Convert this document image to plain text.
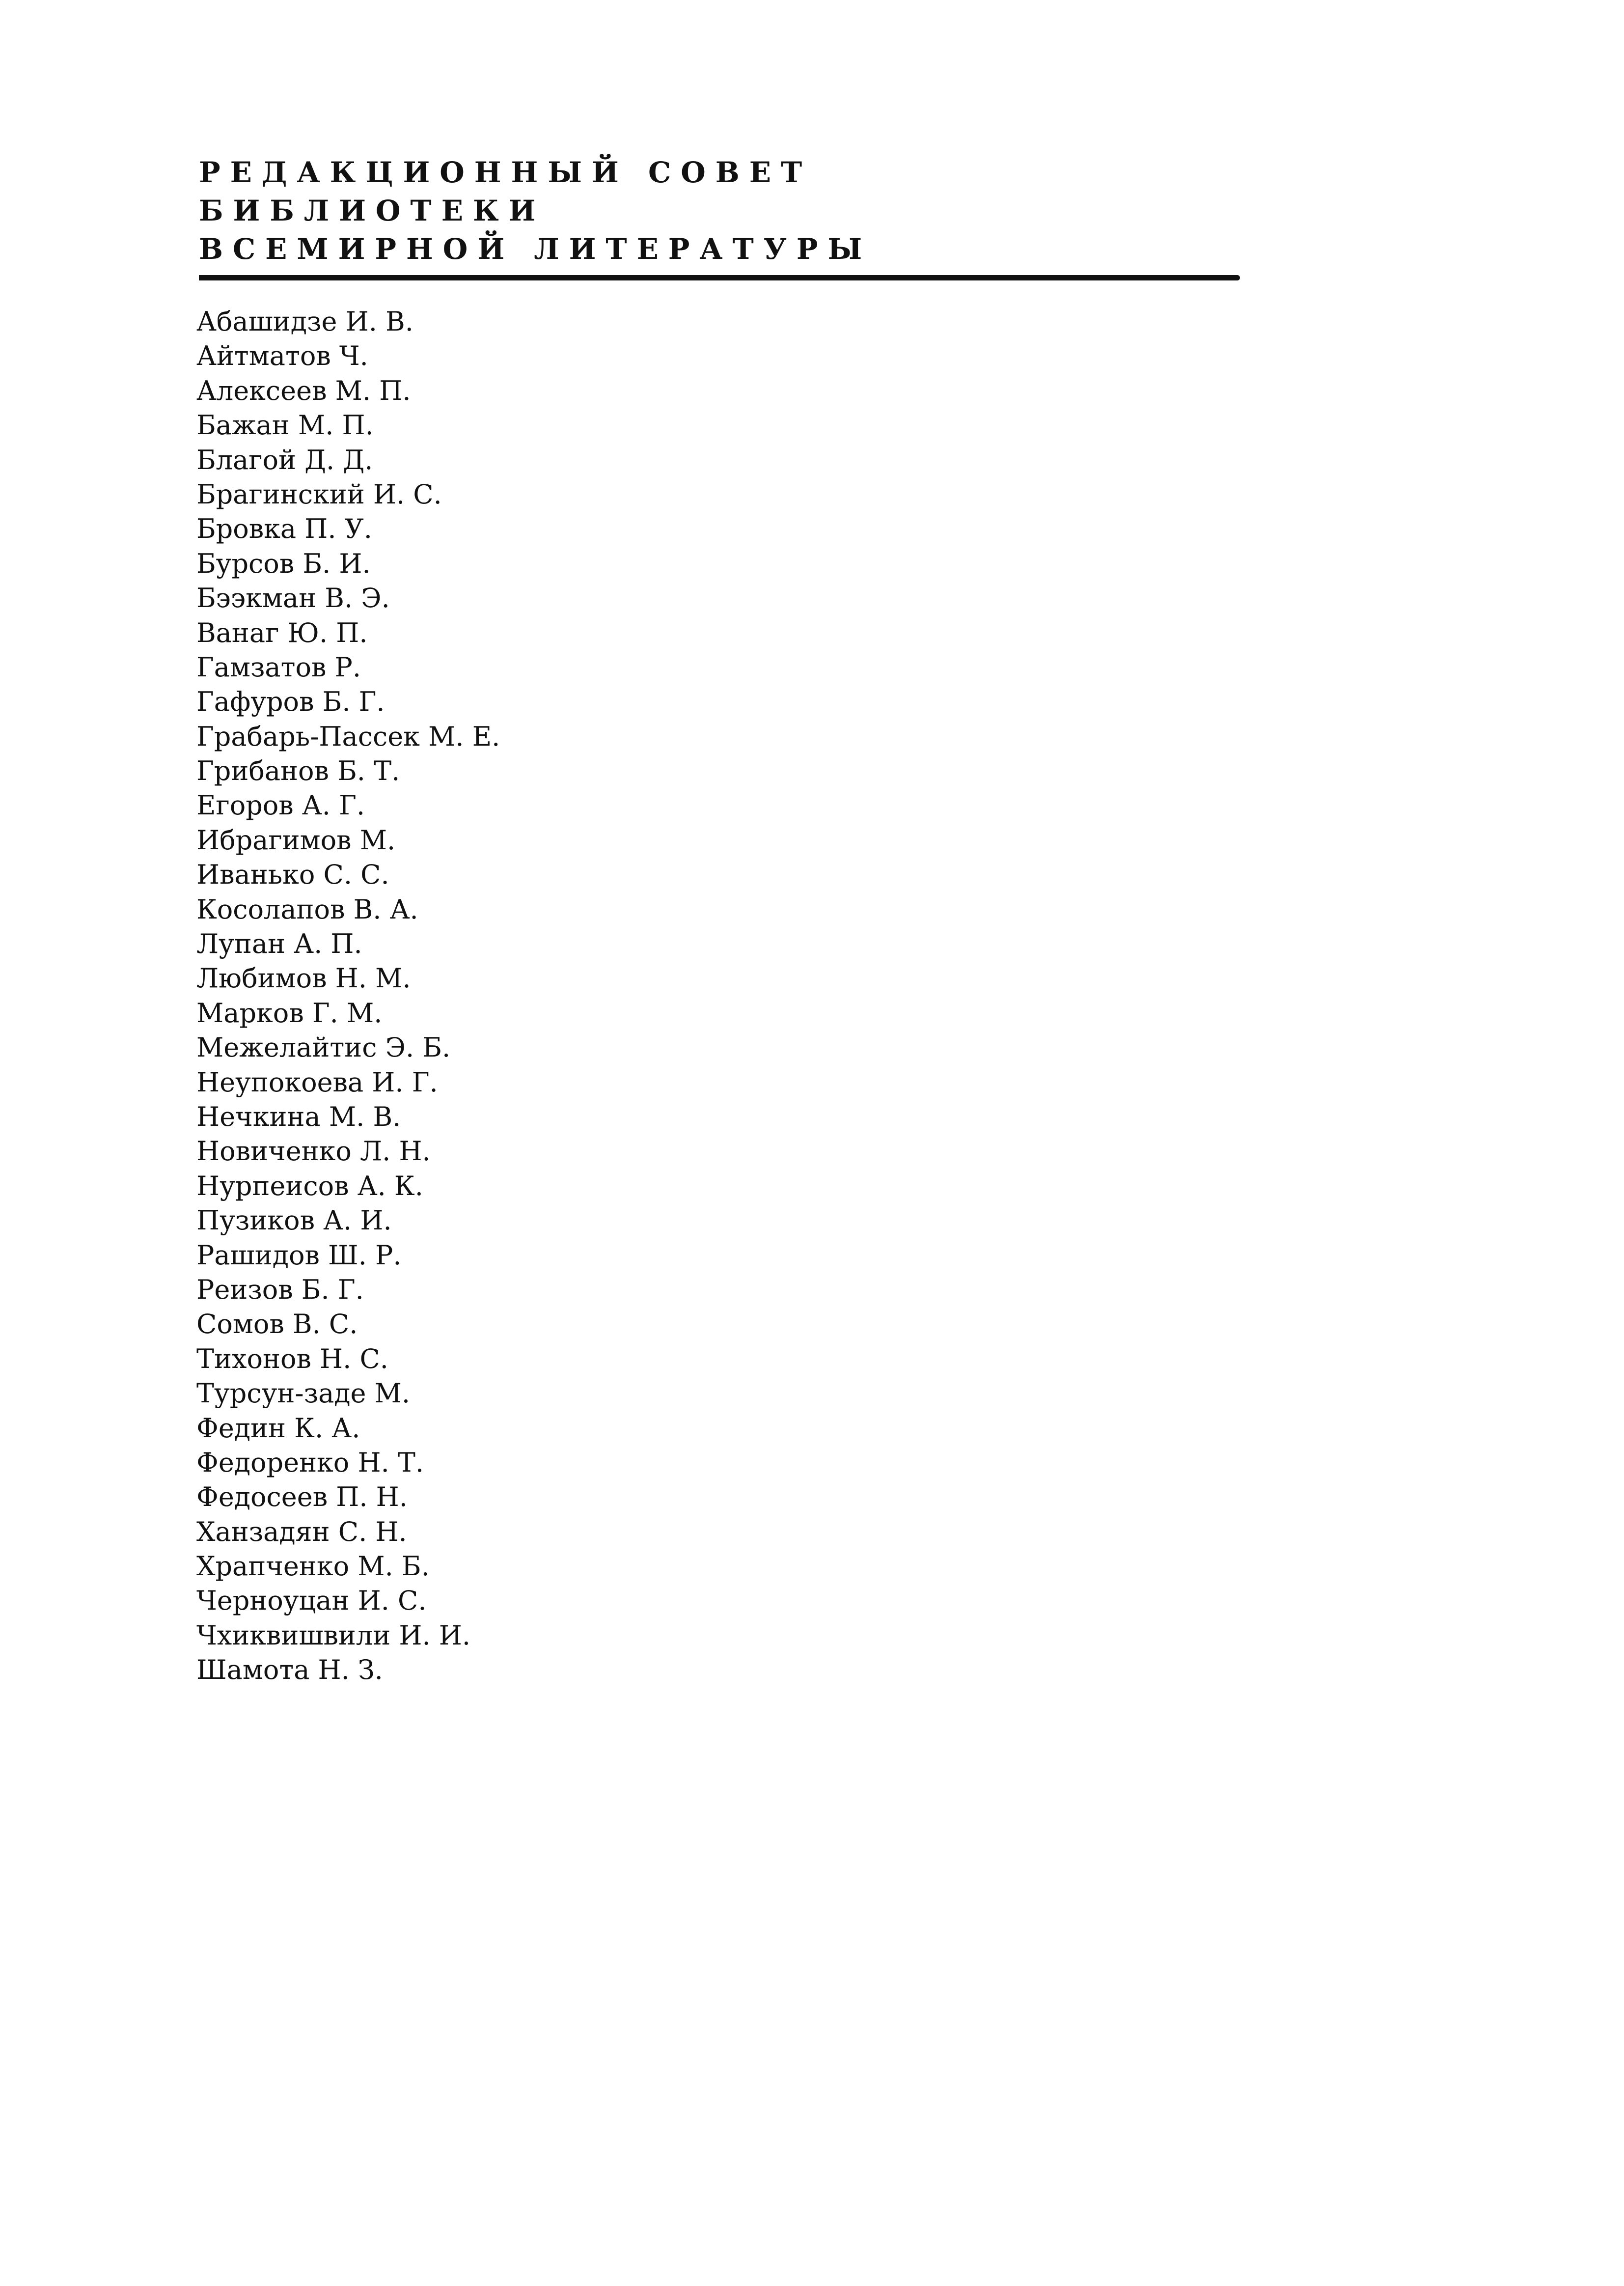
РЕДАКЦИОННЫЙ СОВЕТ
БИБЛИОТЕКИ
ВСЕМИРНОЙ ЛИТЕРАТУРЫ
Абашидзе И. В.
Айтматов Ч.
Алексеев М. П.
Бажан М. П.
Благой Д. Д.
Брагинский И. С.
Бровка П. У.
Бурсов Б. И.
Бээкман В. Э.
Ванаг Ю. П.
Гамзатов Р.
Гафуров Б. Г.
Грабарь-Пассек М. Е.
Грибанов Б. Т.
Егоров А. Г.
Ибрагимов М.
Иванько С. С.
Косолапов В. А.
Лупан А. П.
Любимов Н. М.
Марков Г. М.
Межелайтис Э. Б.
Неупокоева И. Г.
Нечкина М. В.
Новиченко Л. Н.
Нурпеисов А. К.
Пузиков А. И.
Рашидов Ш. Р.
Реизов Б. Г.
Сомов В. С.
Тихонов Н. С.
Турсун-заде М.
Федин К. А.
Федоренко Н. Т.
Федосеев П. Н.
Ханзадян С. Н.
Храпченко М. Б.
Черноуцан И. С.
Чхиквишвили И. И.
Шамота Н. З.
